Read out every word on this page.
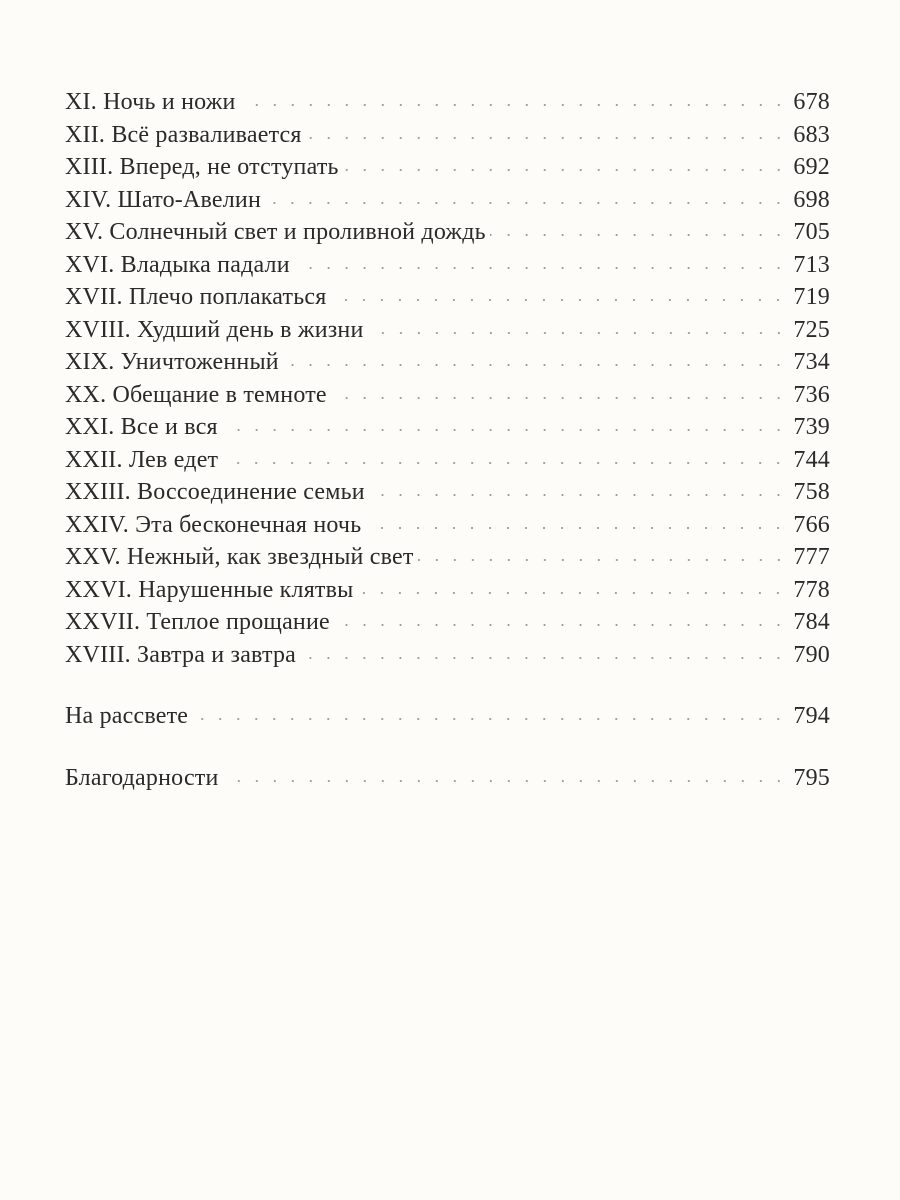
XI. Ночь и ножи	678
XII. Всё разваливается	683
XIII. Вперед, не отступать	692
XIV. Шато-Авелин	698
XV. Солнечный свет и проливной дождь	705
XVI. Владыка падали	713
XVII. Плечо поплакаться	719
XVIII. Худший день в жизни	725
XIX. Уничтоженный	734
XX. Обещание в темноте	736
XXI. Все и вся	739
XXII. Лев едет	744
XXIII. Воссоединение семьи	758
XXIV. Эта бесконечная ночь	766
XXV. Нежный, как звездный свет	777
XXVI. Нарушенные клятвы	778
XXVII. Теплое прощание	784
XVIII. Завтра и завтра	790
На рассвете	794
Благодарности	795
